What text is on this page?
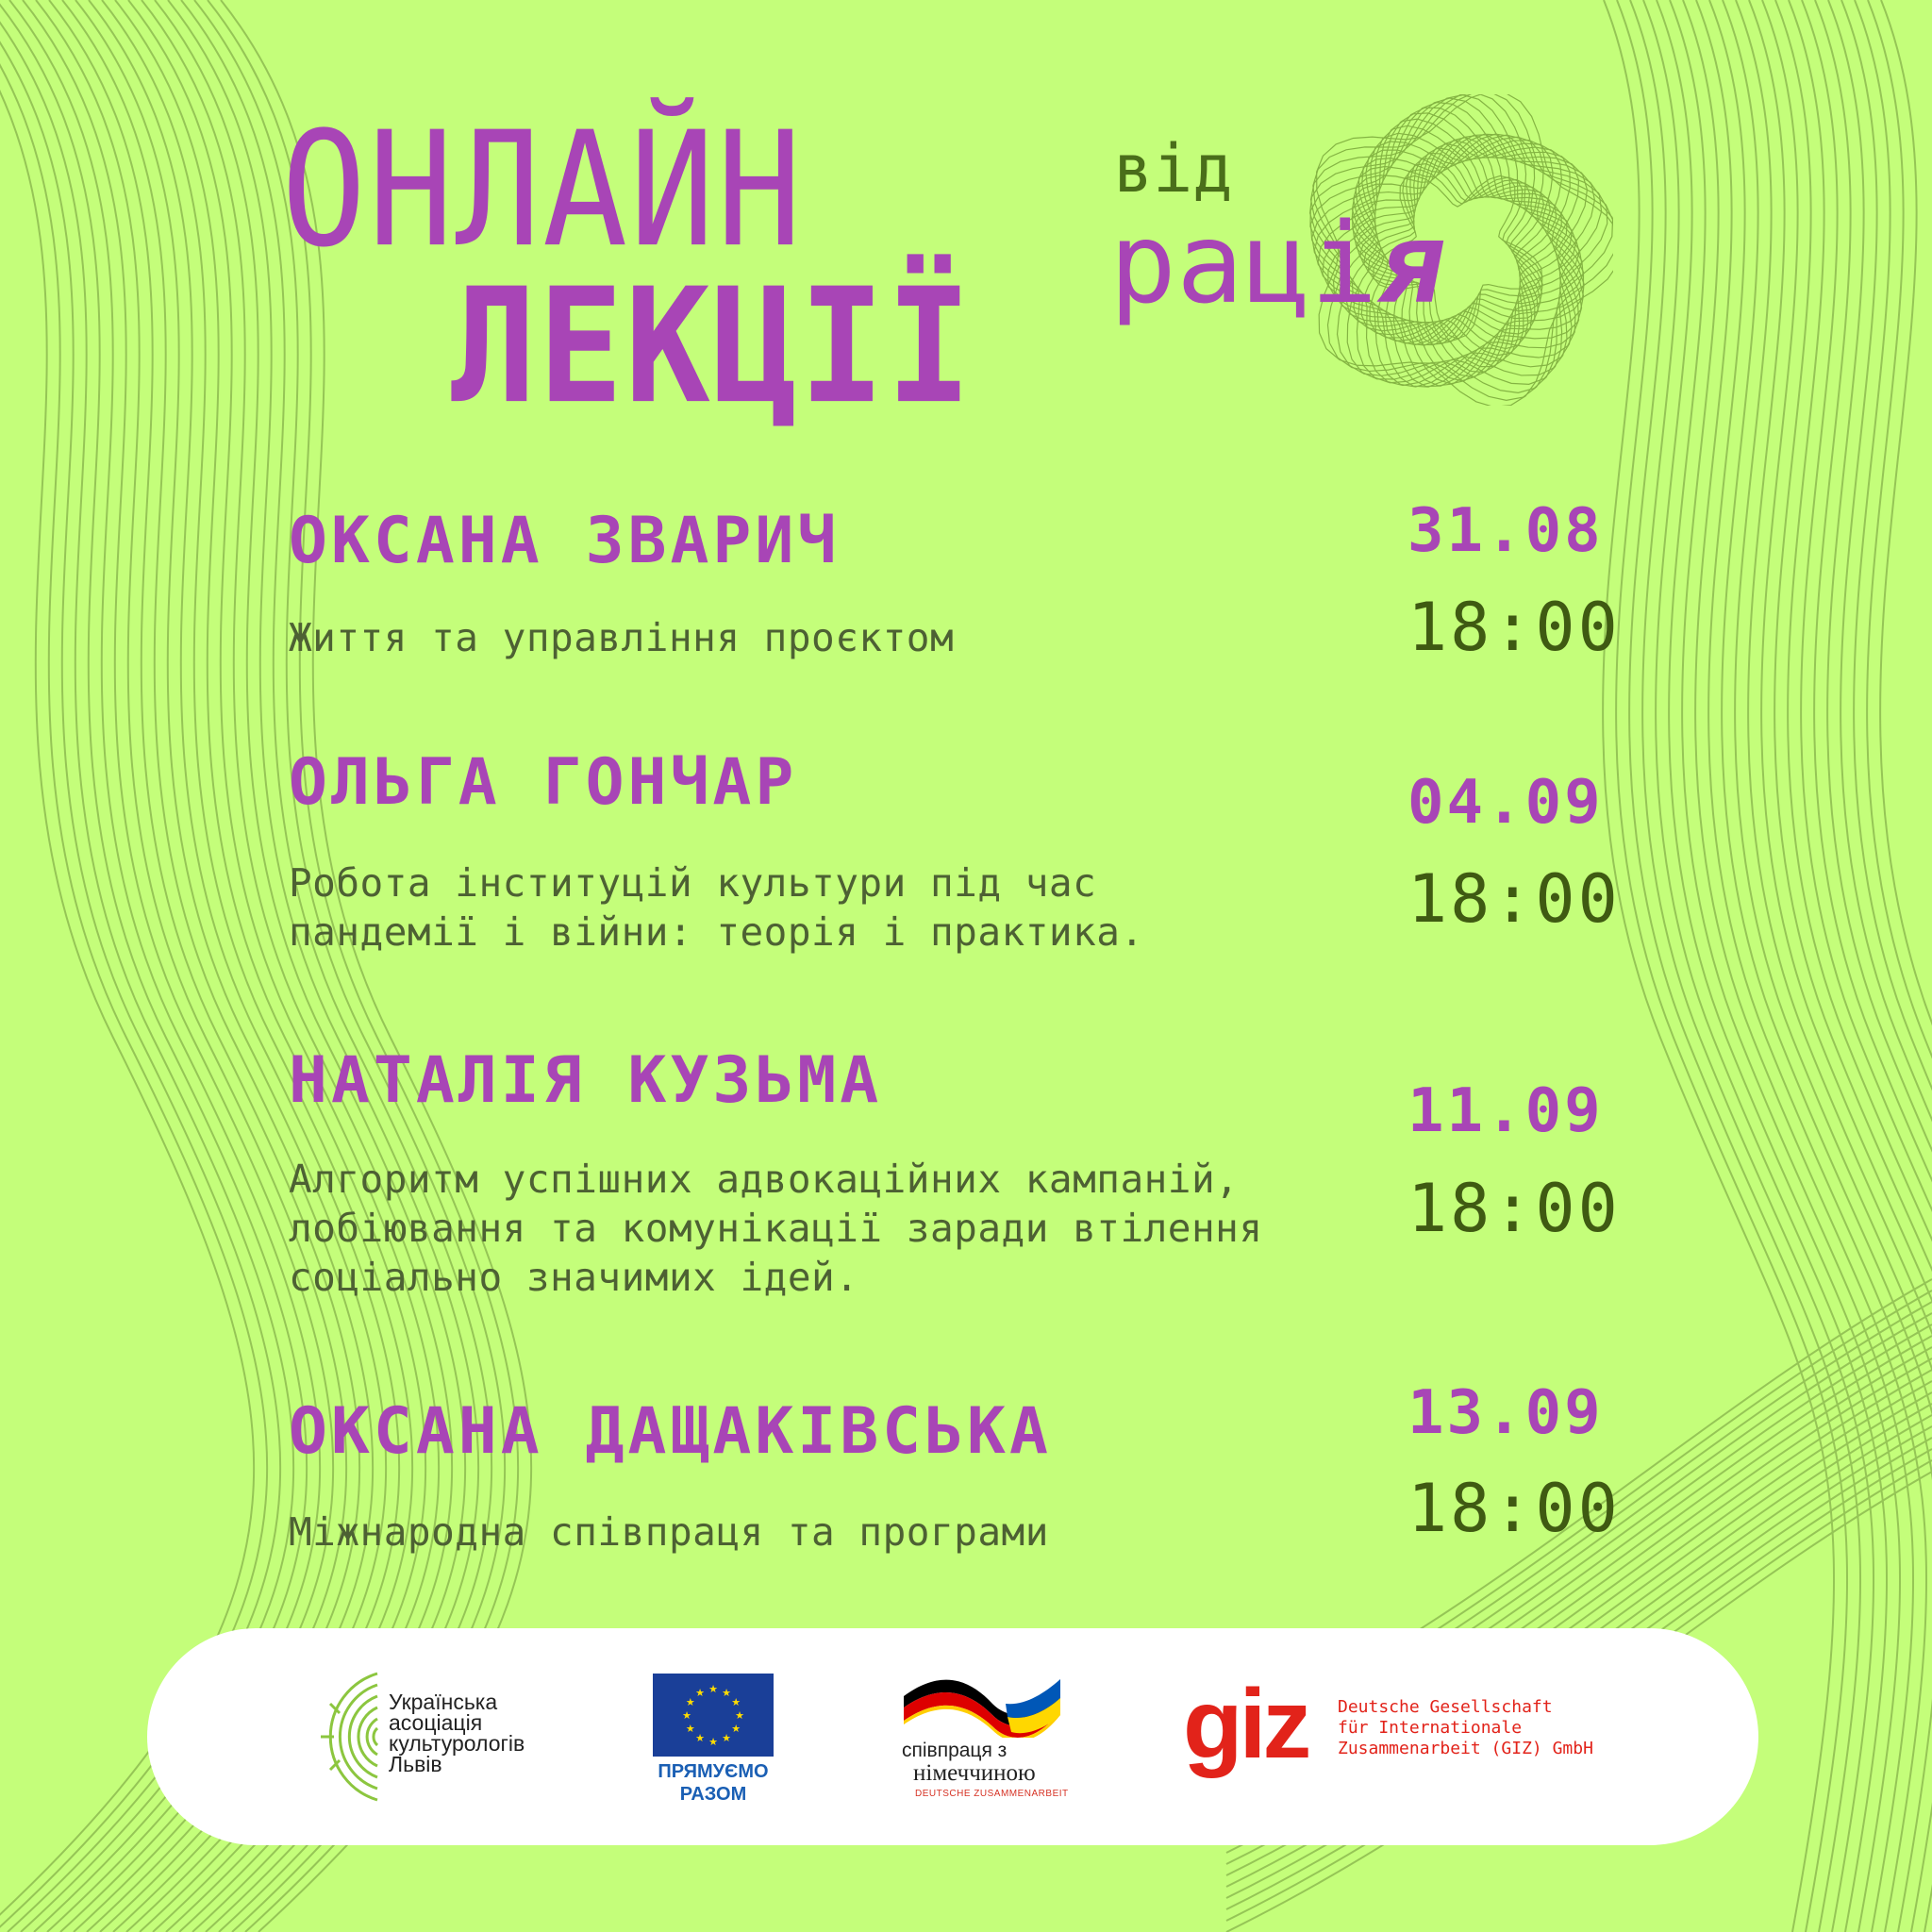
ОНЛАЙН
ЛЕКЦІЇ
від
рація
ОКСАНА ЗВАРИЧ
Життя та управління проєктом
31.08
18:00
ОЛЬГА ГОНЧАР
Робота інституцій культури під час
пандемії і війни: теорія і практика.
04.09
18:00
НАТАЛІЯ КУЗЬМА
Алгоритм успішних адвокаційних кампаній,
лобіювання та комунікації заради втілення
соціально значимих ідей.
11.09
18:00
ОКСАНА ДАЩАКІВСЬКА
Міжнародна співпраця та програми
13.09
18:00
Українська
асоціація
культурологів
Львів
★ ★
★
★
★
★
★
★
★
★
★
★
ПРЯМУЄМО
РАЗОМ
співпраця з
німеччиною
DEUTSCHE ZUSAMMENARBEIT
giz Deutsche Gesellschaft
für Internationale
Zusammenarbeit (GIZ) GmbH
